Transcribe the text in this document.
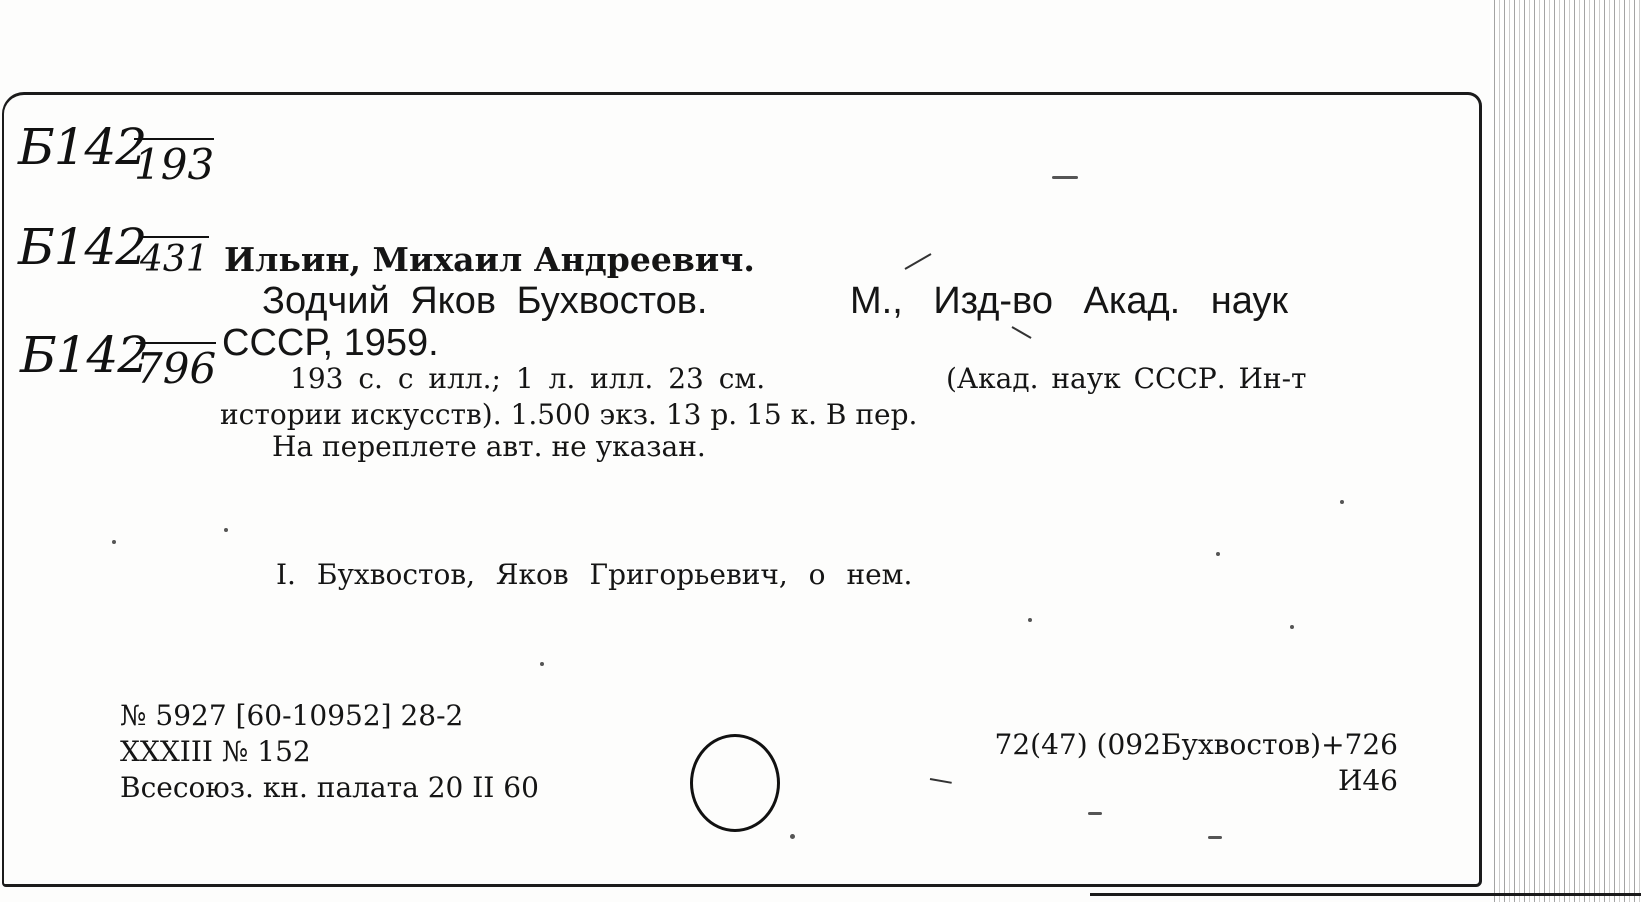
Б142
193
Б142
431
Б142
796
Ильин, Михаил Андреевич.
Зодчий Яков Бухвостов.	М., Изд-во Акад. наук
СССР, 1959.
193 с. с илл.; 1 л. илл. 23 см.	(Акад. наук СССР. Ин-т
истории искусств). 1.500 экз. 13 р. 15 к. В пер.
На переплете авт. не указан.
I. Бухвостов, Яков Григорьевич, о нем.
№ 5927 [60-10952] 28-2
XXXIII № 152
Всесоюз. кн. палата 20 II 60
72(47) (092Бухвостов)+726
И46
